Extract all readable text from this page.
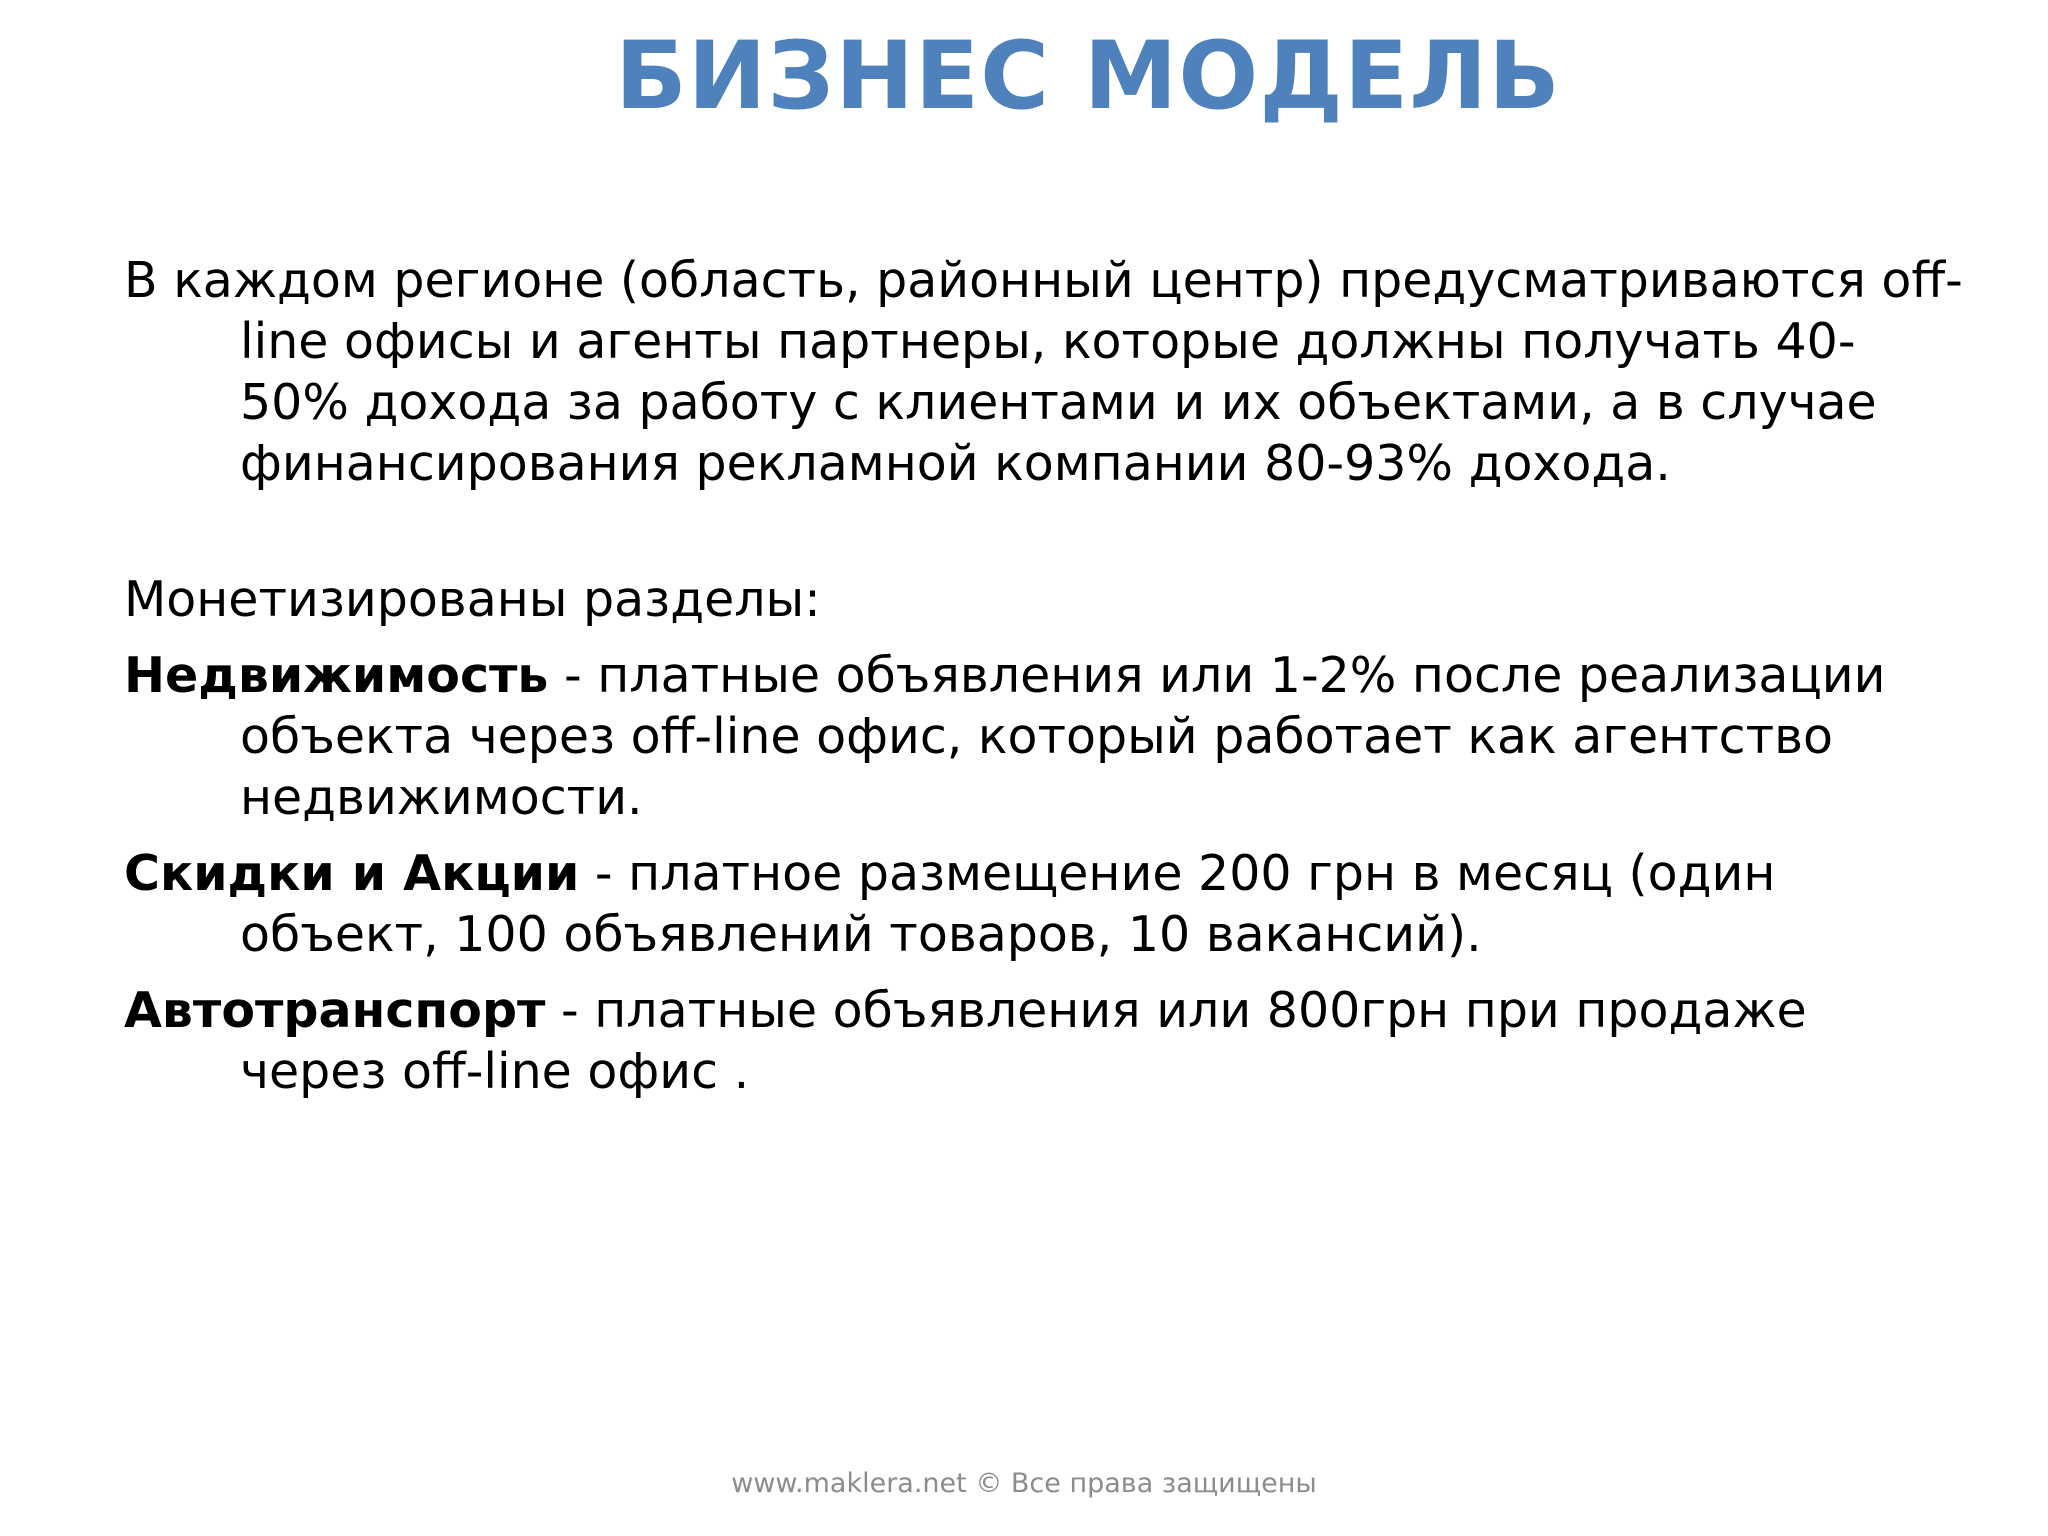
БИЗНЕС МОДЕЛЬ

В каждом регионе (область, районный центр) предусматриваются off-line офисы и агенты партнеры, которые должны получать 40-50% дохода за работу с клиентами и их объектами, а в случае финансирования рекламной компании 80-93% дохода.

Монетизированы разделы:

Недвижимость - платные объявления или 1-2% после реализации объекта через off-line офис, который работает как агентство недвижимости.

Скидки и Акции - платное размещение 200 грн в месяц (один объект, 100 объявлений товаров, 10 вакансий).

Автотранспорт - платные объявления или 800грн при продаже через off-line офис .

www.maklera.net © Все права защищены
